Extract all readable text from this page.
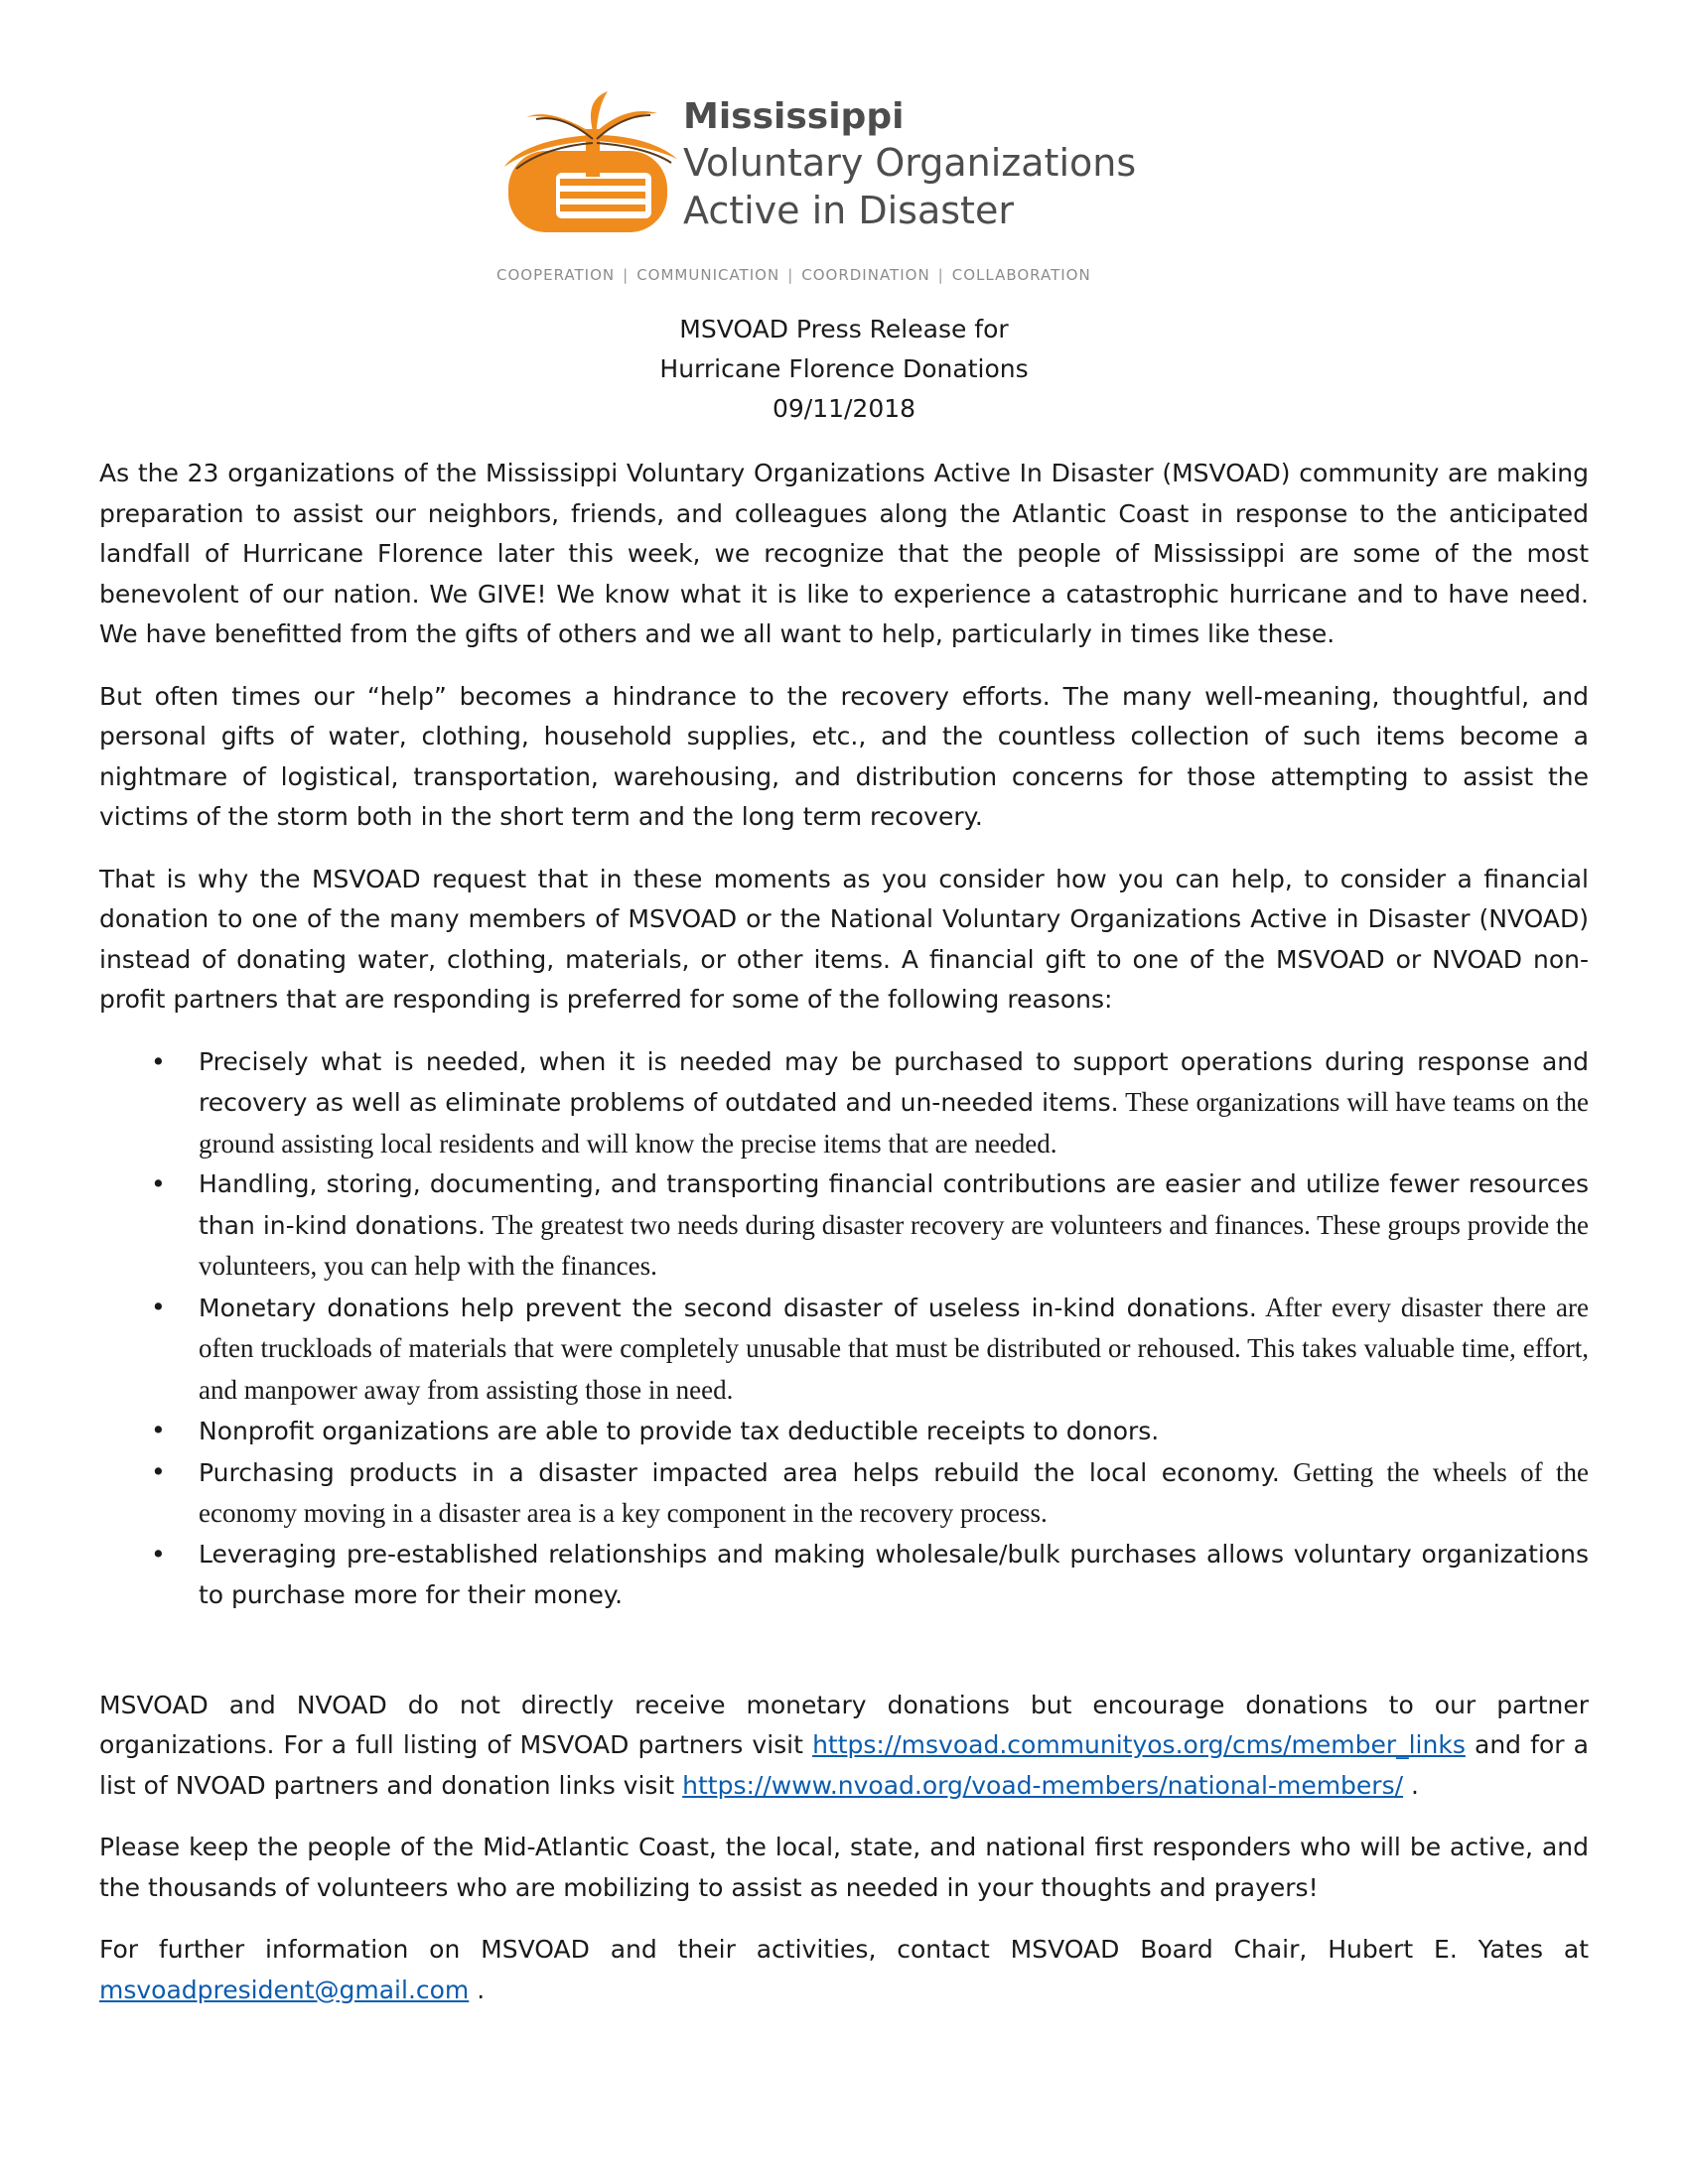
Mississippi
Voluntary Organizations
Active in Disaster
COOPERATION | COMMUNICATION | COORDINATION | COLLABORATION
MSVOAD Press Release for
Hurricane Florence Donations
09/11/2018

As the 23 organizations of the Mississippi Voluntary Organizations Active In Disaster (MSVOAD) community are making preparation to assist our neighbors, friends, and colleagues along the Atlantic Coast in response to the anticipated landfall of Hurricane Florence later this week, we recognize that the people of Mississippi are some of the most benevolent of our nation. We GIVE! We know what it is like to experience a catastrophic hurricane and to have need. We have benefitted from the gifts of others and we all want to help, particularly in times like these.

But often times our “help” becomes a hindrance to the recovery efforts. The many well-meaning, thoughtful, and personal gifts of water, clothing, household supplies, etc., and the countless collection of such items become a nightmare of logistical, transportation, warehousing, and distribution concerns for those attempting to assist the victims of the storm both in the short term and the long term recovery.

That is why the MSVOAD request that in these moments as you consider how you can help, to consider a financial donation to one of the many members of MSVOAD or the National Voluntary Organizations Active in Disaster (NVOAD) instead of donating water, clothing, materials, or other items. A financial gift to one of the MSVOAD or NVOAD non-profit partners that are responding is preferred for some of the following reasons:

• Precisely what is needed, when it is needed may be purchased to support operations during response and recovery as well as eliminate problems of outdated and un-needed items. These organizations will have teams on the ground assisting local residents and will know the precise items that are needed.
• Handling, storing, documenting, and transporting financial contributions are easier and utilize fewer resources than in-kind donations. The greatest two needs during disaster recovery are volunteers and finances. These groups provide the volunteers, you can help with the finances.
• Monetary donations help prevent the second disaster of useless in-kind donations. After every disaster there are often truckloads of materials that were completely unusable that must be distributed or rehoused. This takes valuable time, effort, and manpower away from assisting those in need.
• Nonprofit organizations are able to provide tax deductible receipts to donors.
• Purchasing products in a disaster impacted area helps rebuild the local economy. Getting the wheels of the economy moving in a disaster area is a key component in the recovery process.
• Leveraging pre-established relationships and making wholesale/bulk purchases allows voluntary organizations to purchase more for their money.

MSVOAD and NVOAD do not directly receive monetary donations but encourage donations to our partner organizations. For a full listing of MSVOAD partners visit https://msvoad.communityos.org/cms/member_links and for a list of NVOAD partners and donation links visit https://www.nvoad.org/voad-members/national-members/ .

Please keep the people of the Mid-Atlantic Coast, the local, state, and national first responders who will be active, and the thousands of volunteers who are mobilizing to assist as needed in your thoughts and prayers!

For further information on MSVOAD and their activities, contact MSVOAD Board Chair, Hubert E. Yates at msvoadpresident@gmail.com .
